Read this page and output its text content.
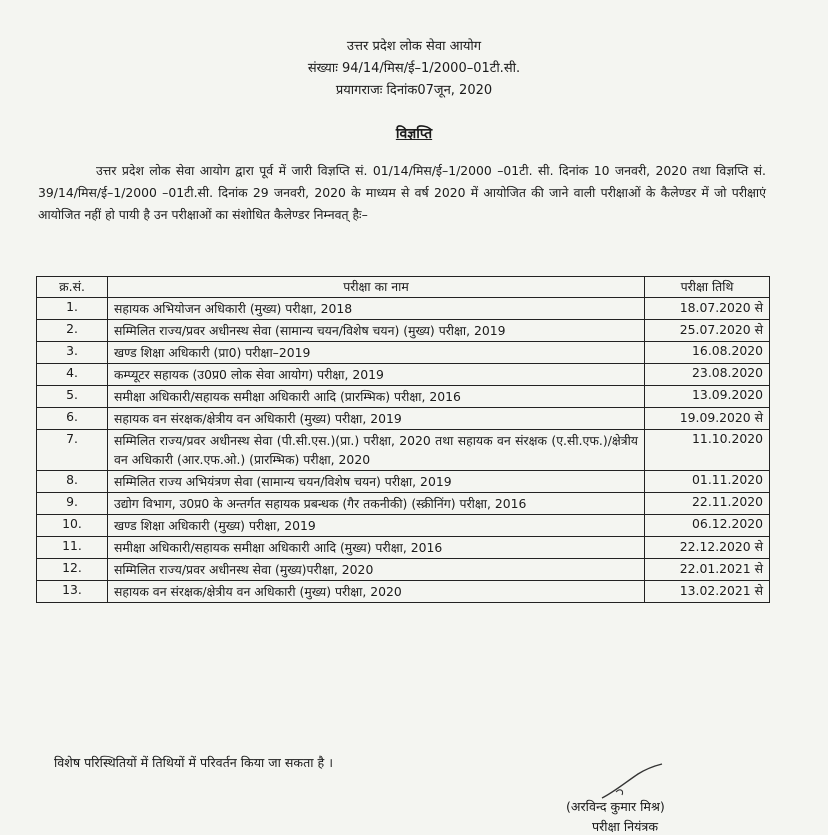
उत्तर प्रदेश लोक सेवा आयोग
संख्याः 94/14/मिस/ई–1/2000–01टी.सी.
प्रयागराजः दिनांक07जून, 2020
विज्ञप्ति
उत्तर प्रदेश लोक सेवा आयोग द्वारा पूर्व में जारी विज्ञप्ति सं. 01/14/मिस/ई–1/2000 –01टी. सी. दिनांक 10 जनवरी, 2020 तथा विज्ञप्ति सं. 39/14/मिस/ई–1/2000 –01टी.सी. दिनांक 29 जनवरी, 2020 के माध्यम से वर्ष 2020 में आयोजित की जाने वाली परीक्षाओं के कैलेण्डर में जो परीक्षाएं आयोजित नहीं हो पायी है उन परीक्षाओं का संशोधित कैलेण्डर निम्नवत् हैः–
क्र.सं.	परीक्षा का नाम	परीक्षा तिथि
1.	सहायक अभियोजन अधिकारी (मुख्य) परीक्षा, 2018	18.07.2020 से
2.	सम्मिलित राज्य/प्रवर अधीनस्थ सेवा (सामान्य चयन/विशेष चयन) (मुख्य) परीक्षा, 2019	25.07.2020 से
3.	खण्ड शिक्षा अधिकारी (प्रा0) परीक्षा–2019	16.08.2020
4.	कम्प्यूटर सहायक (उ0प्र0 लोक सेवा आयोग) परीक्षा, 2019	23.08.2020
5.	समीक्षा अधिकारी/सहायक समीक्षा अधिकारी आदि (प्रारम्भिक) परीक्षा, 2016	13.09.2020
6.	सहायक वन संरक्षक/क्षेत्रीय वन अधिकारी (मुख्य) परीक्षा, 2019	19.09.2020 से
7.	सम्मिलित राज्य/प्रवर अधीनस्थ सेवा (पी.सी.एस.)(प्रा.) परीक्षा, 2020 तथा सहायक वन संरक्षक (ए.सी.एफ.)/क्षेत्रीय वन अधिकारी (आर.एफ.ओ.) (प्रारम्भिक) परीक्षा, 2020	11.10.2020
8.	सम्मिलित राज्य अभियंत्रण सेवा (सामान्य चयन/विशेष चयन) परीक्षा, 2019	01.11.2020
9.	उद्योग विभाग, उ0प्र0 के अन्तर्गत सहायक प्रबन्धक (गैर तकनीकी) (स्क्रीनिंग) परीक्षा, 2016	22.11.2020
10.	खण्ड शिक्षा अधिकारी (मुख्य) परीक्षा, 2019	06.12.2020
11.	समीक्षा अधिकारी/सहायक समीक्षा अधिकारी आदि (मुख्य) परीक्षा, 2016	22.12.2020 से
12.	सम्मिलित राज्य/प्रवर अधीनस्थ सेवा (मुख्य)परीक्षा, 2020	22.01.2021 से
13.	सहायक वन संरक्षक/क्षेत्रीय वन अधिकारी (मुख्य) परीक्षा, 2020	13.02.2021 से
विशेष परिस्थितियों में तिथियों में परिवर्तन किया जा सकता है ।
(अरविन्द कुमार मिश्र)
परीक्षा नियंत्रक
